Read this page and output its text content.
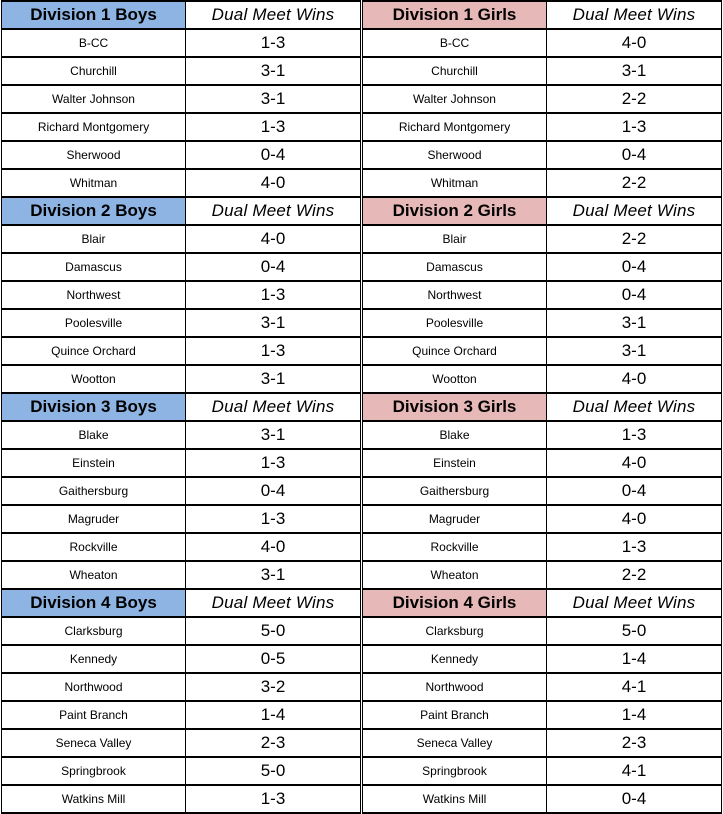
Division 1 Boys	Dual Meet Wins
B-CC	1-3
Churchill	3-1
Walter Johnson	3-1
Richard Montgomery	1-3
Sherwood	0-4
Whitman	4-0
Division 2 Boys	Dual Meet Wins
Blair	4-0
Damascus	0-4
Northwest	1-3
Poolesville	3-1
Quince Orchard	1-3
Wootton	3-1
Division 3 Boys	Dual Meet Wins
Blake	3-1
Einstein	1-3
Gaithersburg	0-4
Magruder	1-3
Rockville	4-0
Wheaton	3-1
Division 4 Boys	Dual Meet Wins
Clarksburg	5-0
Kennedy	0-5
Northwood	3-2
Paint Branch	1-4
Seneca Valley	2-3
Springbrook	5-0
Watkins Mill	1-3
Division 1 Girls	Dual Meet Wins
B-CC	4-0
Churchill	3-1
Walter Johnson	2-2
Richard Montgomery	1-3
Sherwood	0-4
Whitman	2-2
Division 2 Girls	Dual Meet Wins
Blair	2-2
Damascus	0-4
Northwest	0-4
Poolesville	3-1
Quince Orchard	3-1
Wootton	4-0
Division 3 Girls	Dual Meet Wins
Blake	1-3
Einstein	4-0
Gaithersburg	0-4
Magruder	4-0
Rockville	1-3
Wheaton	2-2
Division 4 Girls	Dual Meet Wins
Clarksburg	5-0
Kennedy	1-4
Northwood	4-1
Paint Branch	1-4
Seneca Valley	2-3
Springbrook	4-1
Watkins Mill	0-4
